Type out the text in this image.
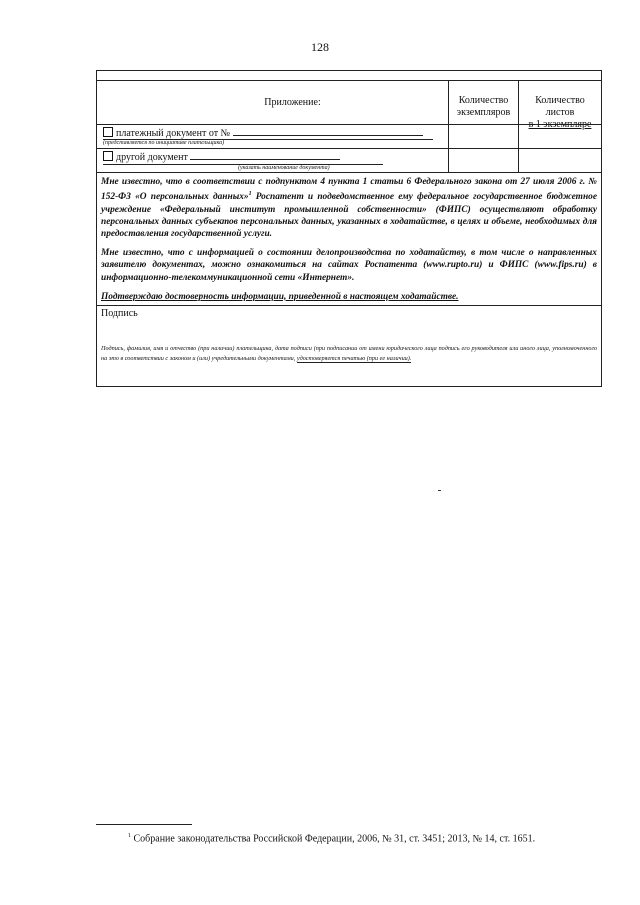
128
Приложение:	Количество
экземпляров
Количество
листов
в 1 экземпляре
платежный документ от №
(представляется по инициативе плательщика)
другой документ
(указать наименование документа)

Мне известно, что в соответствии с подпунктом 4 пункта 1 статьи 6 Федерального закона от 27 июля 2006 г. № 152-ФЗ «О персональных данных»$^1$ Роспатент и подведомственное ему федеральное государственное бюджетное учреждение «Федеральный институт промышленной собственности» (ФИПС) осуществляют обработку персональных данных субъектов персональных данных, указанных в ходатайстве, в целях и объеме, необходимых для предоставления государственной услуги.

Мне известно, что с информацией о состоянии делопроизводства по ходатайству, в том числе о направленных заявителю документах, можно ознакомиться на сайтах Роспатента (www.rupto.ru) и ФИПС (www.fips.ru) в информационно-телекоммуникационной сети «Интернет».

Подтверждаю достоверность информации, приведенной в настоящем ходатайстве.

Подпись
Подпись, фамилия, имя и отчество (при наличии) плательщика, дата подписи (при подписании от имени юридического лица подпись его руководителя или иного лица, уполномоченного на это в соответствии с законом и (или) учредительными документами, удостоверяется печатью (при ее наличии).
$^1$ Собрание законодательства Российской Федерации, 2006, № 31, ст. 3451; 2013, № 14, ст. 1651.
